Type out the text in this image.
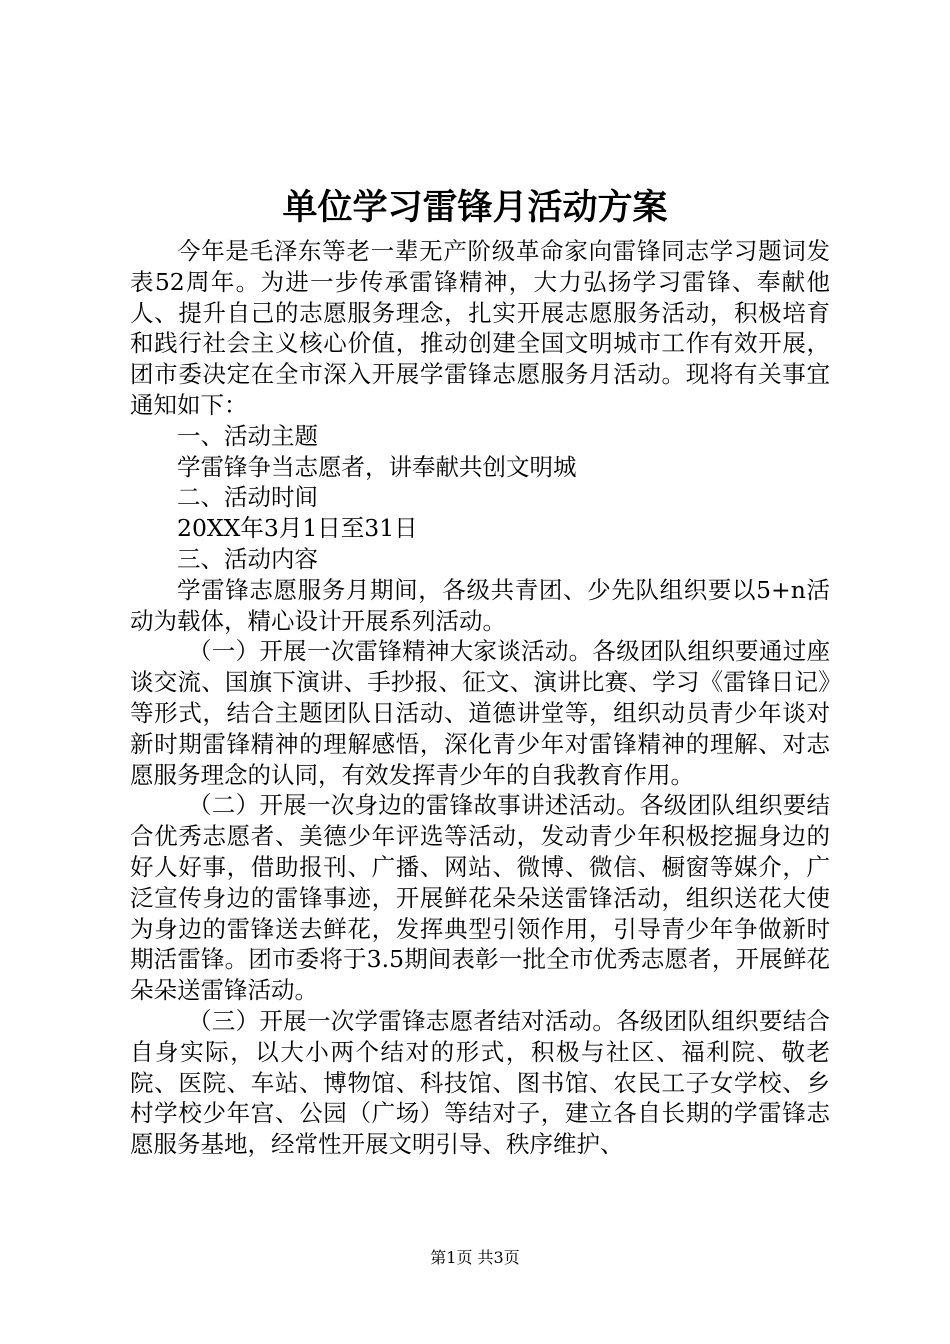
单位学习雷锋月活动方案

今年是毛泽东等老一辈无产阶级革命家向雷锋同志学习题词发表52周年。为进一步传承雷锋精神，大力弘扬学习雷锋、奉献他人、提升自己的志愿服务理念，扎实开展志愿服务活动，积极培育和践行社会主义核心价值，推动创建全国文明城市工作有效开展，团市委决定在全市深入开展学雷锋志愿服务月活动。现将有关事宜通知如下：

一、活动主题

学雷锋争当志愿者，讲奉献共创文明城

二、活动时间

20XX年3月1日至31日

三、活动内容

学雷锋志愿服务月期间，各级共青团、少先队组织要以5+n活动为载体，精心设计开展系列活动。

（一）开展一次雷锋精神大家谈活动。各级团队组织要通过座谈交流、国旗下演讲、手抄报、征文、演讲比赛、学习《雷锋日记》等形式，结合主题团队日活动、道德讲堂等，组织动员青少年谈对新时期雷锋精神的理解感悟，深化青少年对雷锋精神的理解、对志愿服务理念的认同，有效发挥青少年的自我教育作用。

（二）开展一次身边的雷锋故事讲述活动。各级团队组织要结合优秀志愿者、美德少年评选等活动，发动青少年积极挖掘身边的好人好事，借助报刊、广播、网站、微博、微信、橱窗等媒介，广泛宣传身边的雷锋事迹，开展鲜花朵朵送雷锋活动，组织送花大使为身边的雷锋送去鲜花，发挥典型引领作用，引导青少年争做新时期活雷锋。团市委将于3.5期间表彰一批全市优秀志愿者，开展鲜花朵朵送雷锋活动。

（三）开展一次学雷锋志愿者结对活动。各级团队组织要结合自身实际，以大小两个结对的形式，积极与社区、福利院、敬老院、医院、车站、博物馆、科技馆、图书馆、农民工子女学校、乡村学校少年宫、公园（广场）等结对子，建立各自长期的学雷锋志愿服务基地，经常性开展文明引导、秩序维护、

第1页 共3页
